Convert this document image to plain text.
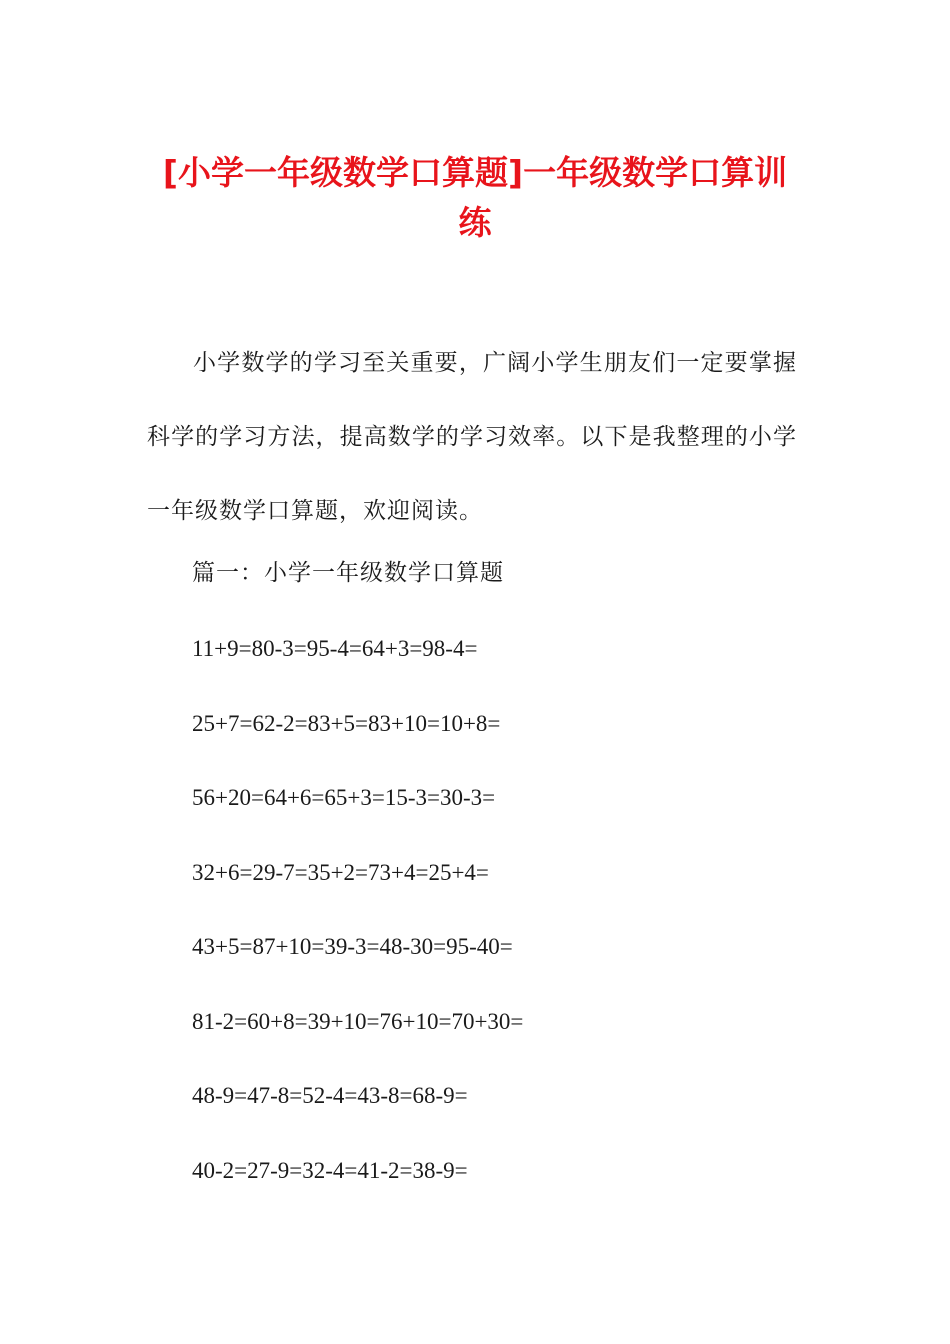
[小学一年级数学口算题]一年级数学口算训练
小学数学的学习至关重要，广阔小学生朋友们一定要掌握科学的学习方法，提高数学的学习效率。以下是我整理的小学一年级数学口算题，欢迎阅读。
篇一：小学一年级数学口算题
11+9=80-3=95-4=64+3=98-4=
25+7=62-2=83+5=83+10=10+8=
56+20=64+6=65+3=15-3=30-3=
32+6=29-7=35+2=73+4=25+4=
43+5=87+10=39-3=48-30=95-40=
81-2=60+8=39+10=76+10=70+30=
48-9=47-8=52-4=43-8=68-9=
40-2=27-9=32-4=41-2=38-9=
